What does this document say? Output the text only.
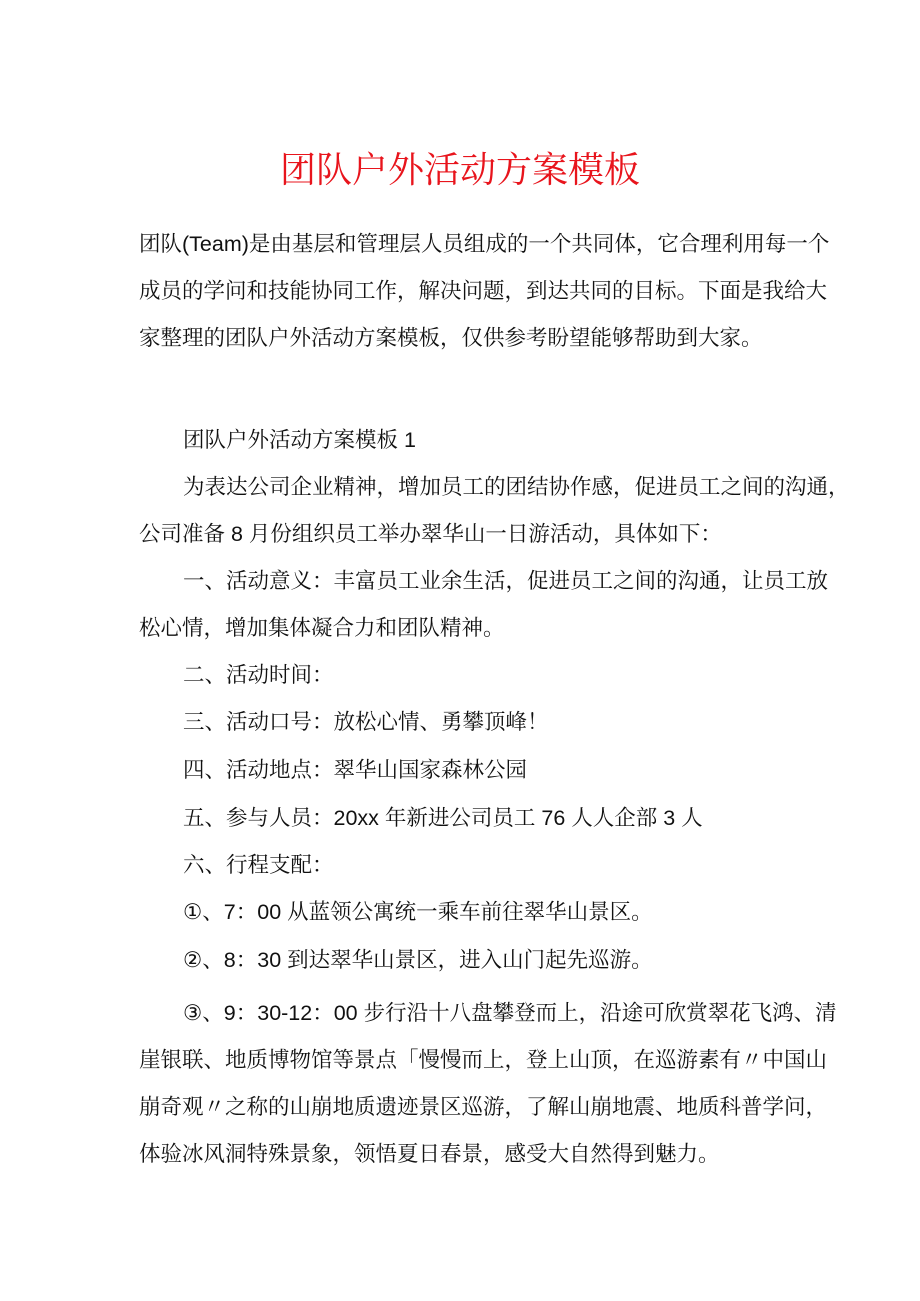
团队户外活动方案模板
团队(Team)是由基层和管理层人员组成的一个共同体，它合理利用每一个
成员的学问和技能协同工作，解决问题，到达共同的目标。下面是我给大
家整理的团队户外活动方案模板，仅供参考盼望能够帮助到大家。
团队户外活动方案模板 1
为表达公司企业精神，增加员工的团结协作感，促进员工之间的沟通，
公司准备 8 月份组织员工举办翠华山一日游活动，具体如下：
一、活动意义：丰富员工业余生活，促进员工之间的沟通，让员工放
松心情，增加集体凝合力和团队精神。
二、活动时间：
三、活动口号：放松心情、勇攀顶峰！
四、活动地点：翠华山国家森林公园
五、参与人员：20xx 年新进公司员工 76 人人企部 3 人
六、行程支配：
①、7：00 从蓝领公寓统一乘车前往翠华山景区。
②、8：30 到达翠华山景区，进入山门起先巡游。
③、9：30-12：00 步行沿十八盘攀登而上，沿途可欣赏翠花飞鸿、清
崖银联、地质博物馆等景点「慢慢而上，登上山顶，在巡游素有〃中国山
崩奇观〃之称的山崩地质遗迹景区巡游，了解山崩地震、地质科普学问，
体验冰风洞特殊景象，领悟夏日春景，感受大自然得到魅力。
